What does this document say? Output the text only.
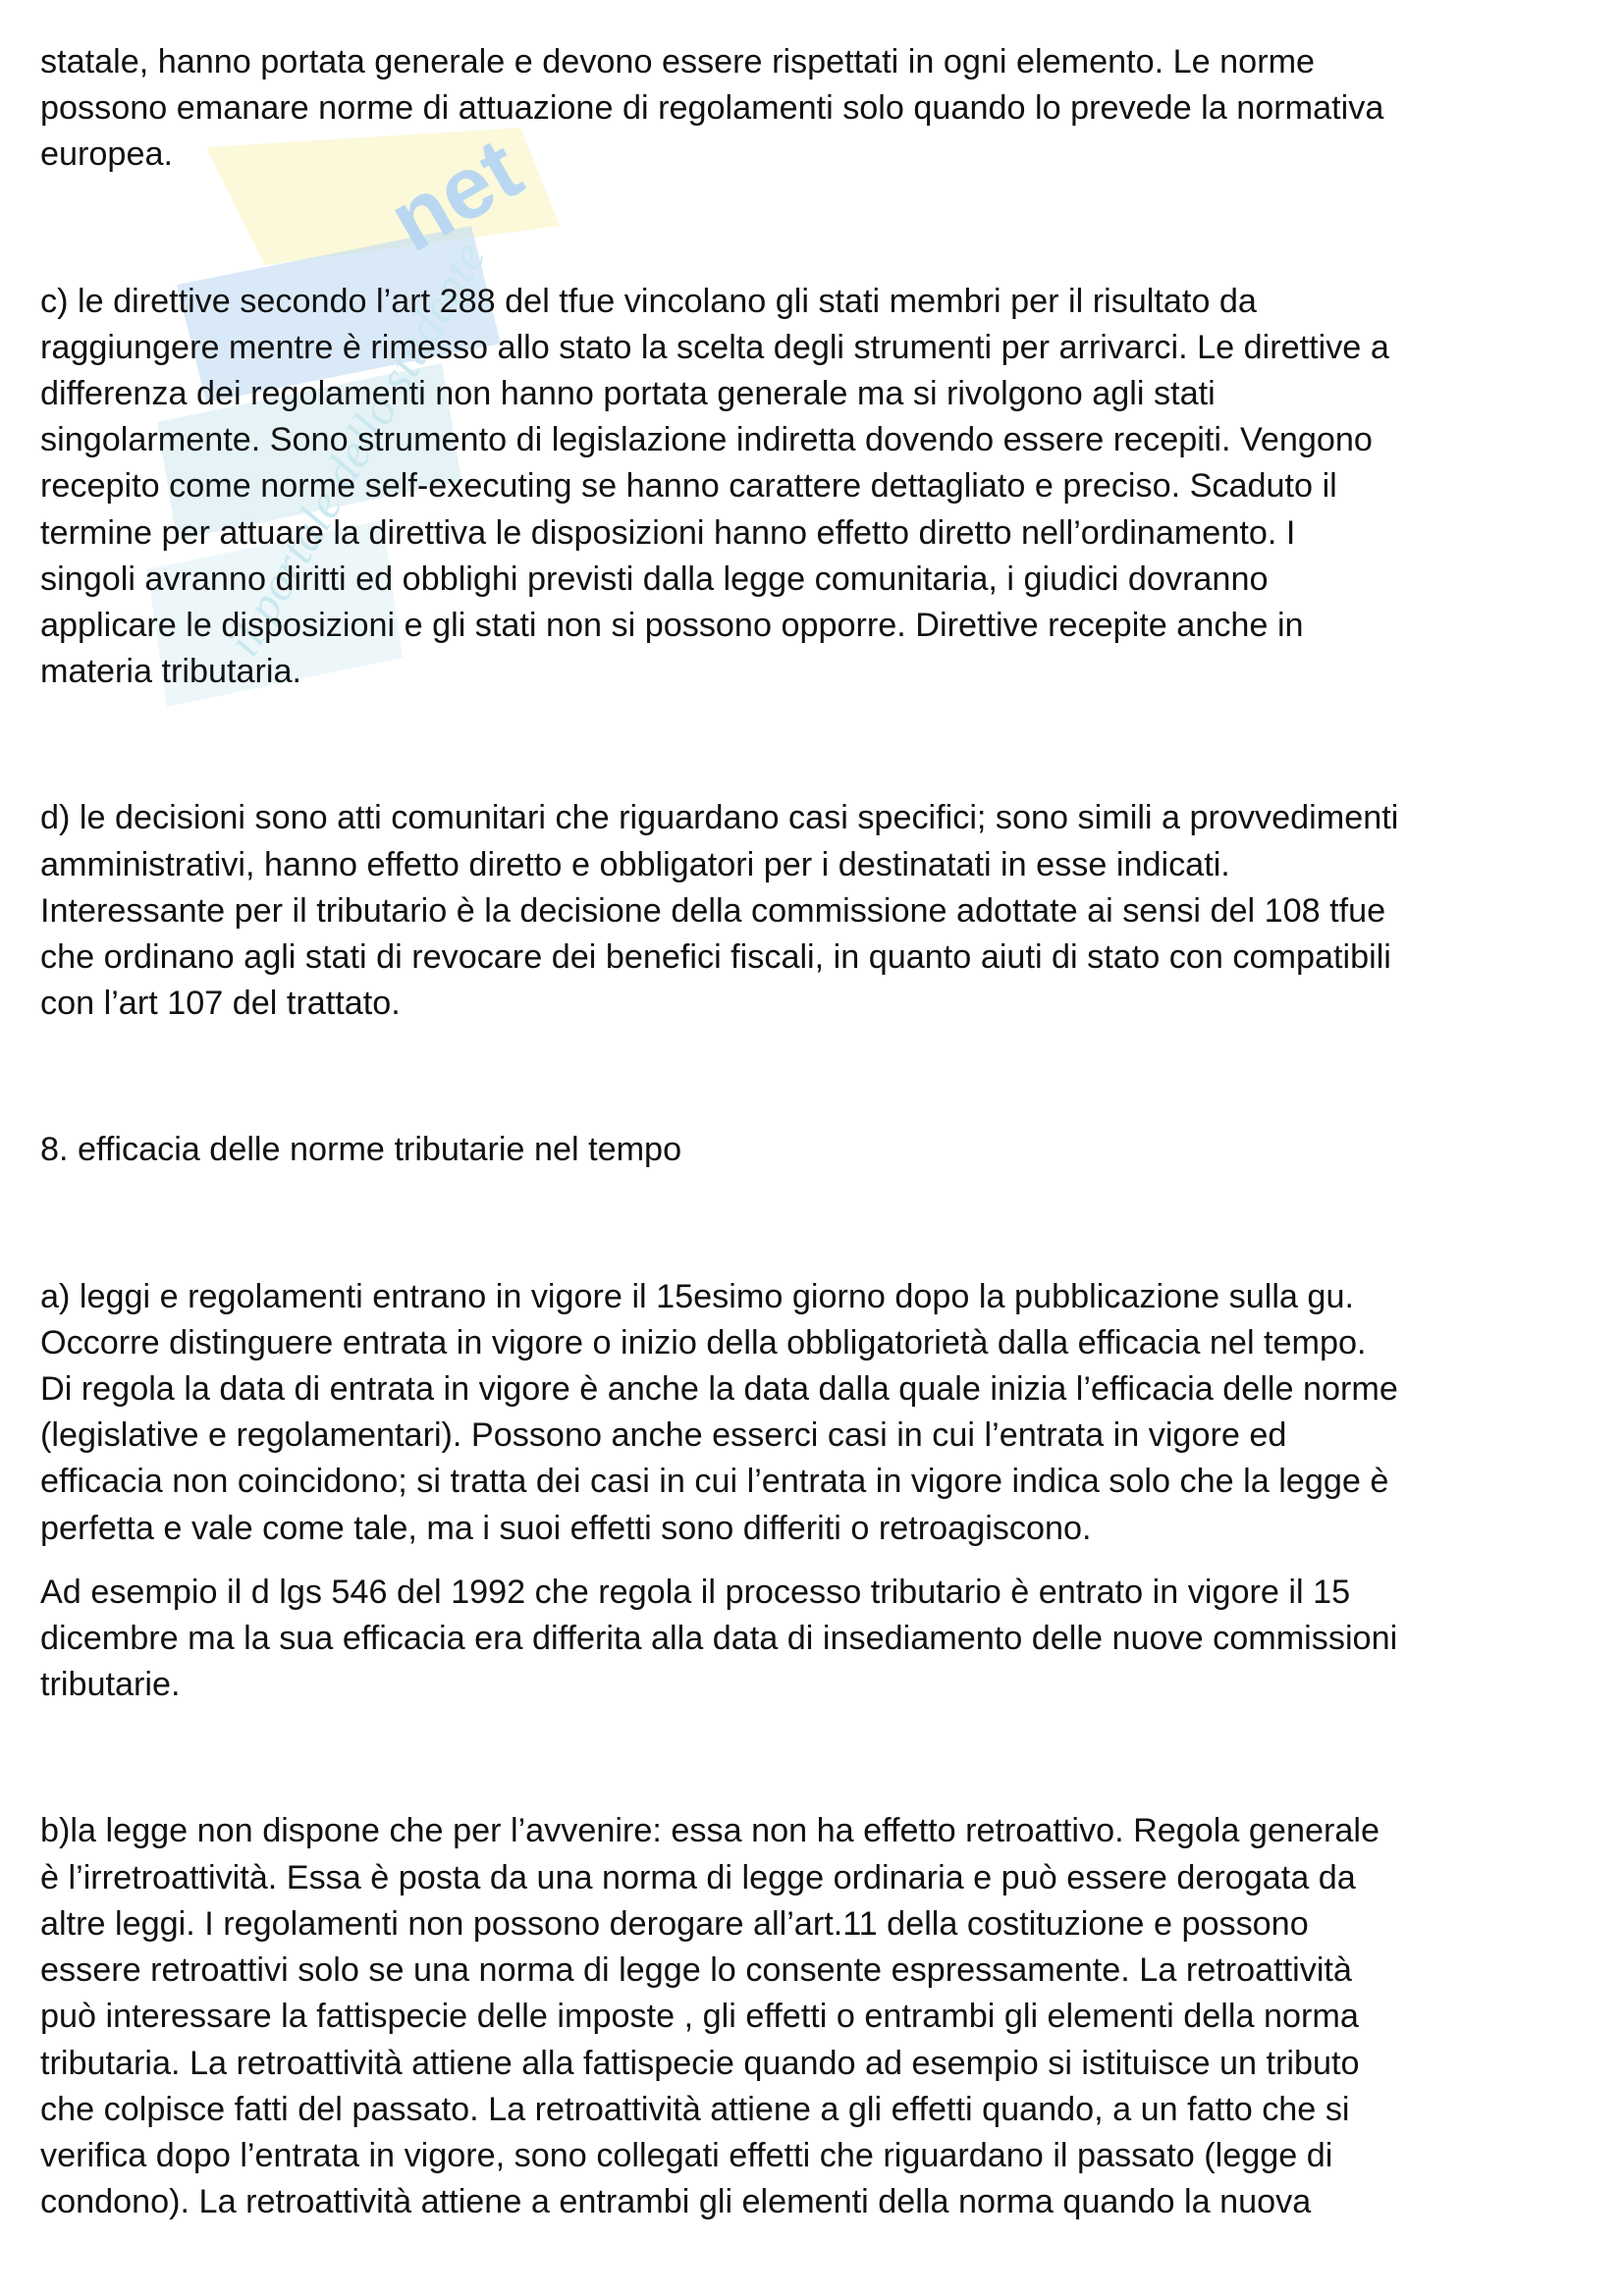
net
il portale dello studente
statale, hanno portata generale e devono essere rispettati in ogni elemento. Le norme
possono emanare norme di attuazione di regolamenti solo quando lo prevede la normativa
europea.
c) le direttive secondo l’art 288 del tfue vincolano gli stati membri per il risultato da
raggiungere mentre è rimesso allo stato la scelta degli strumenti per arrivarci. Le direttive a
differenza dei regolamenti non hanno portata generale ma si rivolgono agli stati
singolarmente. Sono strumento di legislazione indiretta dovendo essere recepiti. Vengono
recepito come norme self-executing se hanno carattere dettagliato e preciso. Scaduto il
termine per attuare la direttiva le disposizioni hanno effetto diretto nell’ordinamento. I
singoli avranno diritti ed obblighi previsti dalla legge comunitaria, i giudici dovranno
applicare le disposizioni e gli stati non si possono opporre. Direttive recepite anche in
materia tributaria.
d) le decisioni sono atti comunitari che riguardano casi specifici; sono simili a provvedimenti
amministrativi, hanno effetto diretto e obbligatori per i destinatati in esse indicati.
Interessante per il tributario è la decisione della commissione adottate ai sensi del 108 tfue
che ordinano agli stati di revocare dei benefici fiscali, in quanto aiuti di stato con compatibili
con l’art 107 del trattato.
8. efficacia delle norme tributarie nel tempo
a) leggi e regolamenti entrano in vigore il 15esimo giorno dopo la pubblicazione sulla gu.
Occorre distinguere entrata in vigore o inizio della obbligatorietà dalla efficacia nel tempo.
Di regola la data di entrata in vigore è anche la data dalla quale inizia l’efficacia delle norme
(legislative e regolamentari). Possono anche esserci casi in cui l’entrata in vigore ed
efficacia non coincidono; si tratta dei casi in cui l’entrata in vigore indica solo che la legge è
perfetta e vale come tale, ma i suoi effetti sono differiti o retroagiscono.
Ad esempio il d lgs 546 del 1992 che regola il processo tributario è entrato in vigore il 15
dicembre ma la sua efficacia era differita alla data di insediamento delle nuove commissioni
tributarie.
b)la legge non dispone che per l’avvenire: essa non ha effetto retroattivo. Regola generale
è l’irretroattività. Essa è posta da una norma di legge ordinaria e può essere derogata da
altre leggi. I regolamenti non possono derogare all’art.11 della costituzione e possono
essere retroattivi solo se una norma di legge lo consente espressamente. La retroattività
può interessare la fattispecie delle imposte , gli effetti o entrambi gli elementi della norma
tributaria. La retroattività attiene alla fattispecie quando ad esempio si istituisce un tributo
che colpisce fatti del passato. La retroattività attiene a gli effetti quando, a un fatto che si
verifica dopo l’entrata in vigore, sono collegati effetti che riguardano il passato (legge di
condono). La retroattività attiene a entrambi gli elementi della norma quando la nuova
